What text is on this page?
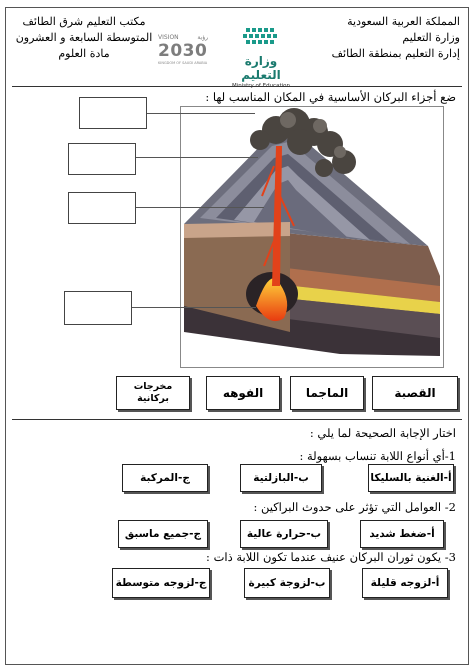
المملكة العربية السعودية
وزارة التعليم
إدارة التعليم بمنطقة الطائف
وزارة التعليم
Ministry of Education
VISION	رؤية
2030
KINGDOM OF SAUDI ARABIA
مكتب التعليم شرق الطائف
المتوسطة السابعة و العشرون
مادة العلوم
ضع أجزاء البركان الأساسية في المكان المناسب لها :
القصبة
الماجما
الفوهه
مخرجات بركانية
اختار الإجابة الصحيحة لما يلي :
1-أي أنواع اللابة تنساب بسهولة :
أ-الغنية بالسليكا
ب-البازلتية
ج-المركبة
2- العوامل التي تؤثر على حدوث البراكين :
أ-ضغط شديد
ب-حرارة عالية
ج-جميع ماسبق
3- يكون ثوران البركان عنيف عندما تكون اللابة ذات :
أ-لزوجه قليلة
ب-لزوجة كبيرة
ج-لزوجه متوسطة
